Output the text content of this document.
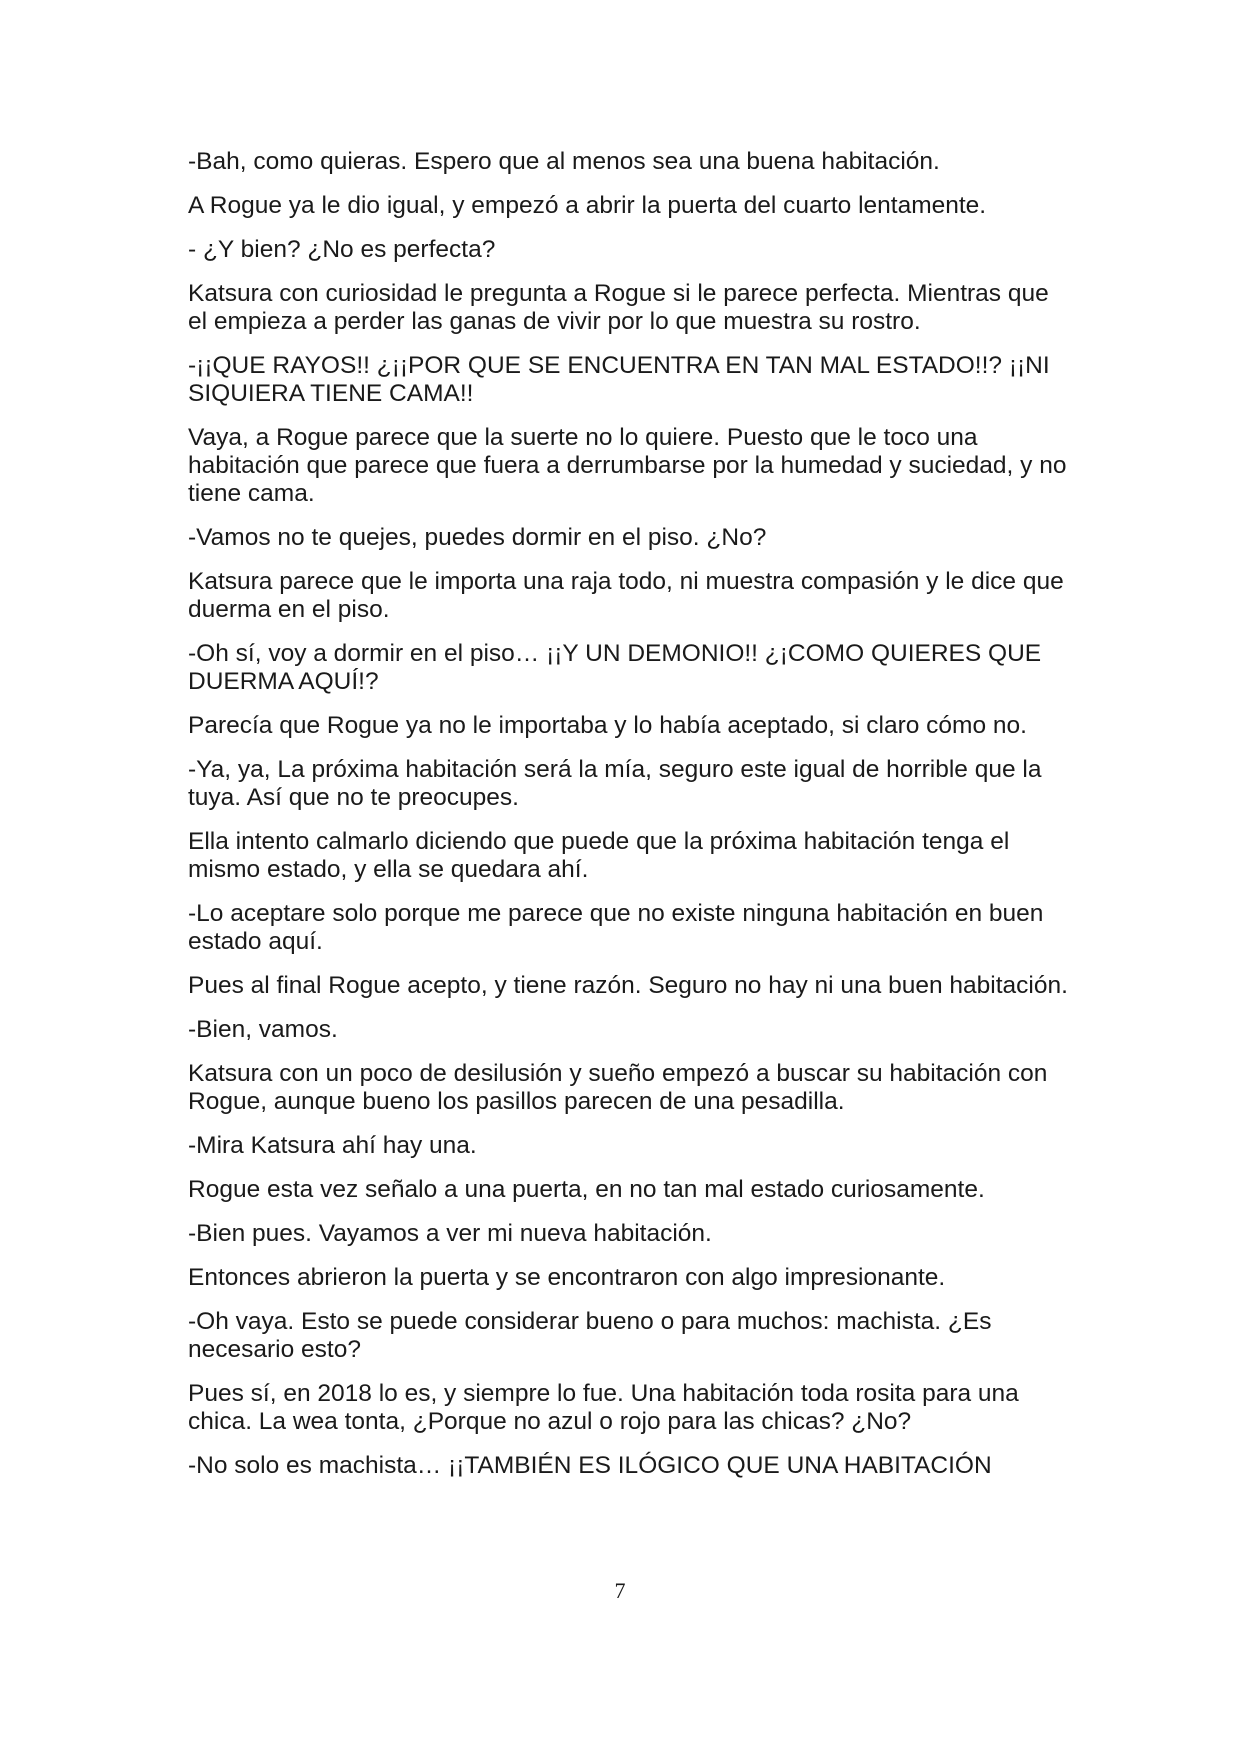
-Bah, como quieras. Espero que al menos sea una buena habitación.

A Rogue ya le dio igual, y empezó a abrir la puerta del cuarto lentamente.

- ¿Y bien? ¿No es perfecta?

Katsura con curiosidad le pregunta a Rogue si le parece perfecta. Mientras que el empieza a perder las ganas de vivir por lo que muestra su rostro.

-¡¡QUE RAYOS!! ¿¡¡POR QUE SE ENCUENTRA EN TAN MAL ESTADO!!? ¡¡NI SIQUIERA TIENE CAMA!!

Vaya, a Rogue parece que la suerte no lo quiere. Puesto que le toco una habitación que parece que fuera a derrumbarse por la humedad y suciedad, y no tiene cama.

-Vamos no te quejes, puedes dormir en el piso. ¿No?

Katsura parece que le importa una raja todo, ni muestra compasión y le dice que duerma en el piso.

-Oh sí, voy a dormir en el piso… ¡¡Y UN DEMONIO!! ¿¡COMO QUIERES QUE DUERMA AQUÍ!?

Parecía que Rogue ya no le importaba y lo había aceptado, si claro cómo no.

-Ya, ya, La próxima habitación será la mía, seguro este igual de horrible que la tuya. Así que no te preocupes.

Ella intento calmarlo diciendo que puede que la próxima habitación tenga el mismo estado, y ella se quedara ahí.

-Lo aceptare solo porque me parece que no existe ninguna habitación en buen estado aquí.

Pues al final Rogue acepto, y tiene razón. Seguro no hay ni una buen habitación.

-Bien, vamos.

Katsura con un poco de desilusión y sueño empezó a buscar su habitación con Rogue, aunque bueno los pasillos parecen de una pesadilla.

-Mira Katsura ahí hay una.

Rogue esta vez señalo a una puerta, en no tan mal estado curiosamente.

-Bien pues. Vayamos a ver mi nueva habitación.

Entonces abrieron la puerta y se encontraron con algo impresionante.

-Oh vaya. Esto se puede considerar bueno o para muchos: machista. ¿Es necesario esto?

Pues sí, en 2018 lo es, y siempre lo fue. Una habitación toda rosita para una chica. La wea tonta, ¿Porque no azul o rojo para las chicas? ¿No?

-No solo es machista… ¡¡TAMBIÉN ES ILÓGICO QUE UNA HABITACIÓN

7
